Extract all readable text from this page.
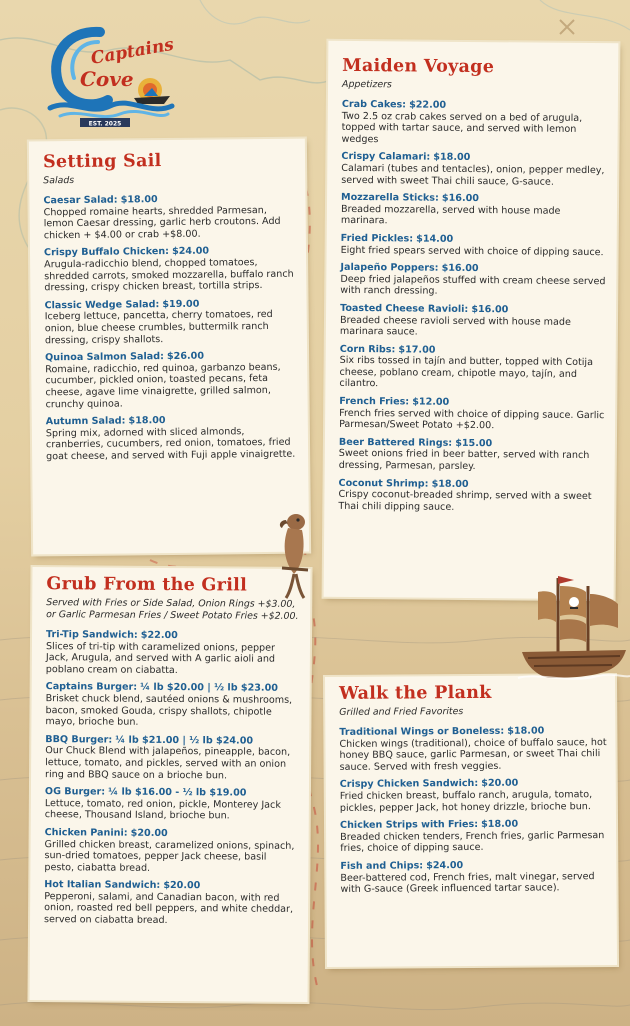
Captains
Cove
EST. 2025
Setting Sail
Salads
Caesar Salad: $18.00
Chopped romaine hearts, shredded Parmesan, lemon Caesar dressing, garlic herb croutons. Add chicken + $4.00 or crab +$8.00.
Crispy Buffalo Chicken: $24.00
Arugula-radicchio blend, chopped tomatoes, shredded carrots, smoked mozzarella, buffalo ranch dressing, crispy chicken breast, tortilla strips.
Classic Wedge Salad: $19.00
Iceberg lettuce, pancetta, cherry tomatoes, red onion, blue cheese crumbles, buttermilk ranch dressing, crispy shallots.
Quinoa Salmon Salad: $26.00
Romaine, radicchio, red quinoa, garbanzo beans, cucumber, pickled onion, toasted pecans, feta cheese, agave lime vinaigrette, grilled salmon, crunchy quinoa.
Autumn Salad: $18.00
Spring mix, adorned with sliced almonds, cranberries, cucumbers, red onion, tomatoes, fried goat cheese, and served with Fuji apple vinaigrette.
Grub From the Grill
Served with Fries or Side Salad, Onion Rings +$3.00, or Garlic Parmesan Fries / Sweet Potato Fries +$2.00.
Tri-Tip Sandwich: $22.00
Slices of tri-tip with caramelized onions, pepper Jack, Arugula, and served with A garlic aioli and poblano cream on ciabatta.
Captains Burger: ¼ lb $20.00 | ½ lb $23.00
Brisket chuck blend, sautéed onions & mushrooms, bacon, smoked Gouda, crispy shallots, chipotle mayo, brioche bun.
BBQ Burger: ¼ lb $21.00 | ½ lb $24.00
Our Chuck Blend with jalapeños, pineapple, bacon, lettuce, tomato, and pickles, served with an onion ring and BBQ sauce on a brioche bun.
OG Burger: ¼ lb $16.00 - ½ lb $19.00
Lettuce, tomato, red onion, pickle, Monterey Jack cheese, Thousand Island, brioche bun.
Chicken Panini: $20.00
Grilled chicken breast, caramelized onions, spinach, sun-dried tomatoes, pepper Jack cheese, basil pesto, ciabatta bread.
Hot Italian Sandwich: $20.00
Pepperoni, salami, and Canadian bacon, with red onion, roasted red bell peppers, and white cheddar, served on ciabatta bread.
Maiden Voyage
Appetizers
Crab Cakes: $22.00
Two 2.5 oz crab cakes served on a bed of arugula, topped with tartar sauce, and served with lemon wedges
Crispy Calamari: $18.00
Calamari (tubes and tentacles), onion, pepper medley, served with sweet Thai chili sauce, G-sauce.
Mozzarella Sticks: $16.00
Breaded mozzarella, served with house made marinara.
Fried Pickles: $14.00
Eight fried spears served with choice of dipping sauce.
Jalapeño Poppers: $16.00
Deep fried jalapeños stuffed with cream cheese served with ranch dressing.
Toasted Cheese Ravioli: $16.00
Breaded cheese ravioli served with house made marinara sauce.
Corn Ribs: $17.00
Six ribs tossed in tajín and butter, topped with Cotija cheese, poblano cream, chipotle mayo, tajín, and cilantro.
French Fries: $12.00
French fries served with choice of dipping sauce. Garlic Parmesan/Sweet Potato +$2.00.
Beer Battered Rings: $15.00
Sweet onions fried in beer batter, served with ranch dressing, Parmesan, parsley.
Coconut Shrimp: $18.00
Crispy coconut-breaded shrimp, served with a sweet Thai chili dipping sauce.
Walk the Plank
Grilled and Fried Favorites
Traditional Wings or Boneless: $18.00
Chicken wings (traditional), choice of buffalo sauce, hot honey BBQ sauce, garlic Parmesan, or sweet Thai chili sauce. Served with fresh veggies.
Crispy Chicken Sandwich: $20.00
Fried chicken breast, buffalo ranch, arugula, tomato, pickles, pepper Jack, hot honey drizzle, brioche bun.
Chicken Strips with Fries: $18.00
Breaded chicken tenders, French fries, garlic Parmesan fries, choice of dipping sauce.
Fish and Chips: $24.00
Beer-battered cod, French fries, malt vinegar, served with G-sauce (Greek influenced tartar sauce).
